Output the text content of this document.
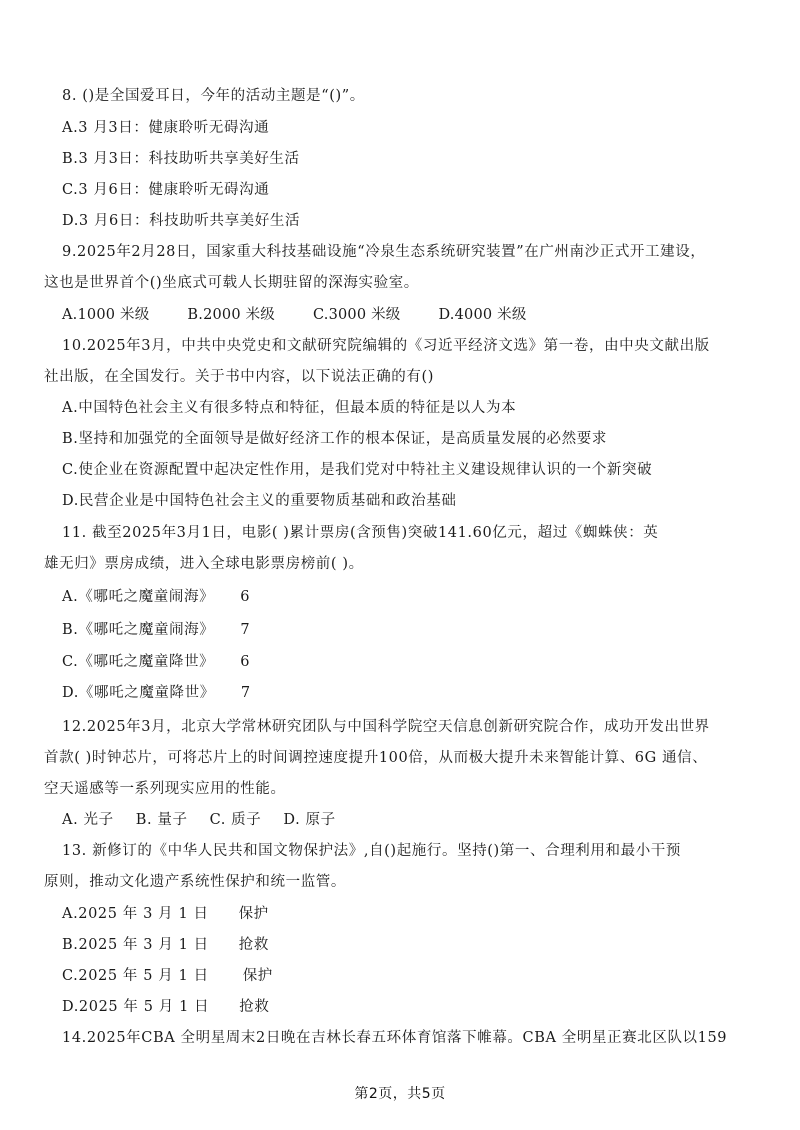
8. ()是全国爱耳日，今年的活动主题是“()”。
A.3 月3日：健康聆听无碍沟通
B.3 月3日：科技助听共享美好生活
C.3 月6日：健康聆听无碍沟通
D.3 月6日：科技助听共享美好生活
9.2025年2月28日，国家重大科技基础设施“冷泉生态系统研究装置”在广州南沙正式开工建设，
这也是世界首个()坐底式可载人长期驻留的深海实验室。
A.1000 米级	B.2000 米级	C.3000 米级	D.4000 米级
10.2025年3月，中共中央党史和文献研究院编辑的《习近平经济文选》第一卷，由中央文献出版
社出版，在全国发行。关于书中内容，以下说法正确的有()
A.中国特色社会主义有很多特点和特征，但最本质的特征是以人为本
B.坚持和加强党的全面领导是做好经济工作的根本保证，是高质量发展的必然要求
C.使企业在资源配置中起决定性作用，是我们党对中特社主义建设规律认识的一个新突破
D.民营企业是中国特色社会主义的重要物质基础和政治基础
11. 截至2025年3月1日，电影( )累计票房(含预售)突破141.60亿元，超过《蜘蛛侠：英
雄无归》票房成绩，进入全球电影票房榜前( )。
A.《哪吒之魔童闹海》 6
B.《哪吒之魔童闹海》 7
C.《哪吒之魔童降世》 6
D.《哪吒之魔童降世》 7
12.2025年3月，北京大学常林研究团队与中国科学院空天信息创新研究院合作，成功开发出世界
首款( )时钟芯片，可将芯片上的时间调控速度提升100倍，从而极大提升未来智能计算、6G 通信、
空天遥感等一系列现实应用的性能。
A. 光子 B. 量子 C. 质子 D. 原子
13. 新修订的《中华人民共和国文物保护法》,自()起施行。坚持()第一、合理利用和最小干预
原则，推动文化遗产系统性保护和统一监管。
A.2025 年 3 月 1 日 保护
B.2025 年 3 月 1 日 抢救
C.2025 年 5 月 1 日 保护
D.2025 年 5 月 1 日 抢救
14.2025年CBA 全明星周末2日晚在吉林长春五环体育馆落下帷幕。CBA 全明星正赛北区队以159
第2页，共5页
